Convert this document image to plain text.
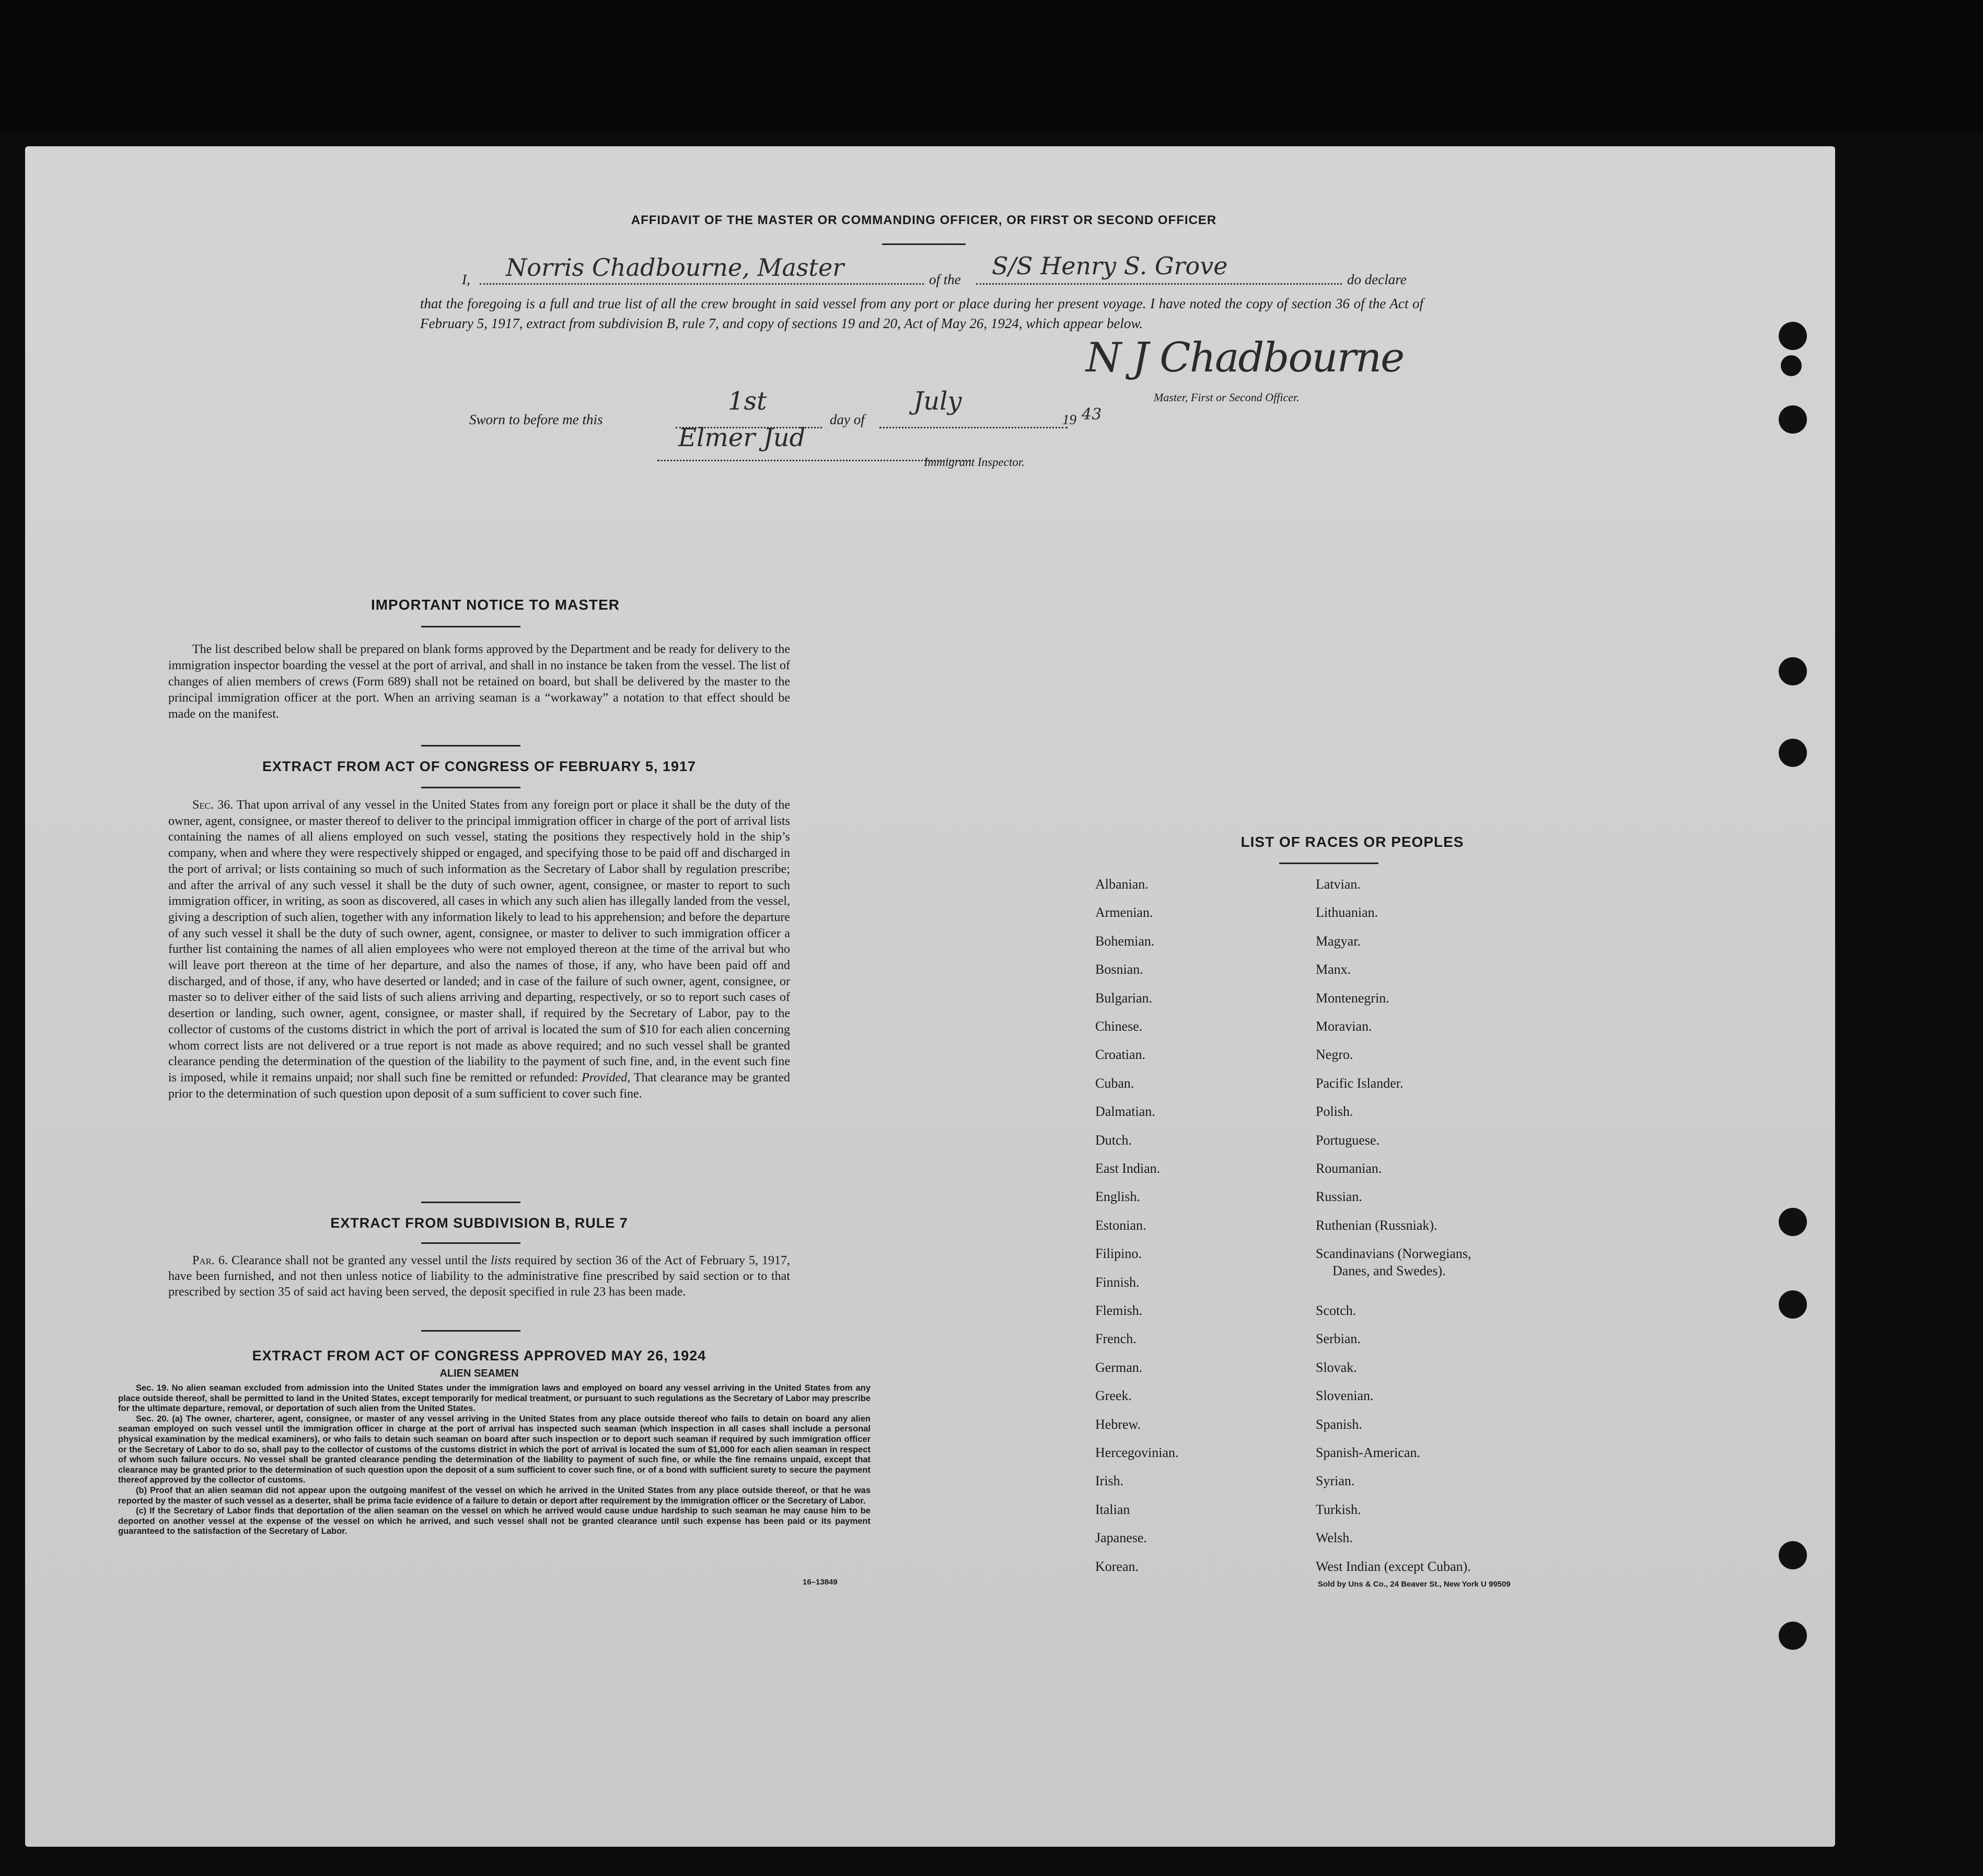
AFFIDAVIT OF THE MASTER OR COMMANDING OFFICER, OR FIRST OR SECOND OFFICER
I, Norris Chadbourne, Master	of the S/S Henry S. Grove	do declare
that the foregoing is a full and true list of all the crew brought in said vessel from any port or place during her present voyage. I have noted the copy of section 36 of the Act of February 5, 1917, extract from subdivision B, rule 7, and copy of sections 19 and 20, Act of May 26, 1924, which appear below.
N J Chadbourne
Master, First or Second Officer.
Sworn to before me this
1st
day of
July
19 43
Elmer Jud
Immigrant Inspector.
IMPORTANT NOTICE TO MASTER
The list described below shall be prepared on blank forms approved by the Department and be ready for delivery to the immigration inspector boarding the vessel at the port of arrival, and shall in no instance be taken from the vessel. The list of changes of alien members of crews (Form 689) shall not be retained on board, but shall be delivered by the master to the principal immigration officer at the port. When an arriving seaman is a “workaway” a notation to that effect should be made on the manifest.
EXTRACT FROM ACT OF CONGRESS OF FEBRUARY 5, 1917
Sec. 36. That upon arrival of any vessel in the United States from any foreign port or place it shall be the duty of the owner, agent, consignee, or master thereof to deliver to the principal immigration officer in charge of the port of arrival lists containing the names of all aliens employed on such vessel, stating the positions they respectively hold in the ship’s company, when and where they were respectively shipped or engaged, and specifying those to be paid off and discharged in the port of arrival; or lists containing so much of such information as the Secretary of Labor shall by regulation prescribe; and after the arrival of any such vessel it shall be the duty of such owner, agent, consignee, or master to report to such immigration officer, in writing, as soon as discovered, all cases in which any such alien has illegally landed from the vessel, giving a description of such alien, together with any information likely to lead to his apprehension; and before the departure of any such vessel it shall be the duty of such owner, agent, consignee, or master to deliver to such immigration officer a further list containing the names of all alien employees who were not employed thereon at the time of the arrival but who will leave port thereon at the time of her departure, and also the names of those, if any, who have been paid off and discharged, and of those, if any, who have deserted or landed; and in case of the failure of such owner, agent, consignee, or master so to deliver either of the said lists of such aliens arriving and departing, respectively, or so to report such cases of desertion or landing, such owner, agent, consignee, or master shall, if required by the Secretary of Labor, pay to the collector of customs of the customs district in which the port of arrival is located the sum of $10 for each alien concerning whom correct lists are not delivered or a true report is not made as above required; and no such vessel shall be granted clearance pending the determination of the question of the liability to the payment of such fine, and, in the event such fine is imposed, while it remains unpaid; nor shall such fine be remitted or refunded: Provided, That clearance may be granted prior to the determination of such question upon deposit of a sum sufficient to cover such fine.
EXTRACT FROM SUBDIVISION B, RULE 7
Par. 6. Clearance shall not be granted any vessel until the lists required by section 36 of the Act of February 5, 1917, have been furnished, and not then unless notice of liability to the administrative fine prescribed by said section or to that prescribed by section 35 of said act having been served, the deposit specified in rule 23 has been made.
EXTRACT FROM ACT OF CONGRESS APPROVED MAY 26, 1924
ALIEN SEAMEN
Sec. 19. No alien seaman excluded from admission into the United States under the immigration laws and employed on board any vessel arriving in the United States from any place outside thereof, shall be permitted to land in the United States, except temporarily for medical treatment, or pursuant to such regulations as the Secretary of Labor may prescribe for the ultimate departure, removal, or deportation of such alien from the United States.
Sec. 20. (a) The owner, charterer, agent, consignee, or master of any vessel arriving in the United States from any place outside thereof who fails to detain on board any alien seaman employed on such vessel until the immigration officer in charge at the port of arrival has inspected such seaman (which inspection in all cases shall include a personal physical examination by the medical examiners), or who fails to detain such seaman on board after such inspection or to deport such seaman if required by such immigration officer or the Secretary of Labor to do so, shall pay to the collector of customs of the customs district in which the port of arrival is located the sum of $1,000 for each alien seaman in respect of whom such failure occurs. No vessel shall be granted clearance pending the determination of the liability to payment of such fine, or while the fine remains unpaid, except that clearance may be granted prior to the determination of such question upon the deposit of a sum sufficient to cover such fine, or of a bond with sufficient surety to secure the payment thereof approved by the collector of customs.
(b) Proof that an alien seaman did not appear upon the outgoing manifest of the vessel on which he arrived in the United States from any place outside thereof, or that he was reported by the master of such vessel as a deserter, shall be prima facie evidence of a failure to detain or deport after requirement by the immigration officer or the Secretary of Labor.
(c) If the Secretary of Labor finds that deportation of the alien seaman on the vessel on which he arrived would cause undue hardship to such seaman he may cause him to be deported on another vessel at the expense of the vessel on which he arrived, and such vessel shall not be granted clearance until such expense has been paid or its payment guaranteed to the satisfaction of the Secretary of Labor.
16–13849
LIST OF RACES OR PEOPLES
Albanian.
Armenian.
Bohemian.
Bosnian.
Bulgarian.
Chinese.
Croatian.
Cuban.
Dalmatian.
Dutch.
East Indian.
English.
Estonian.
Filipino.
Finnish.
Flemish.
French.
German.
Greek.
Hebrew.
Hercegovinian.
Irish.
Italian
Japanese.
Korean.
Latvian.
Lithuanian.
Magyar.
Manx.
Montenegrin.
Moravian.
Negro.
Pacific Islander.
Polish.
Portuguese.
Roumanian.
Russian.
Ruthenian (Russniak).
Scandinavians (Norwegians,
Scotch.
Serbian.
Slovak.
Slovenian.
Spanish.
Spanish-American.
Syrian.
Turkish.
Welsh.
West Indian (except Cuban).
Danes, and Swedes).
Sold by Uns & Co., 24 Beaver St., New York U 99509
